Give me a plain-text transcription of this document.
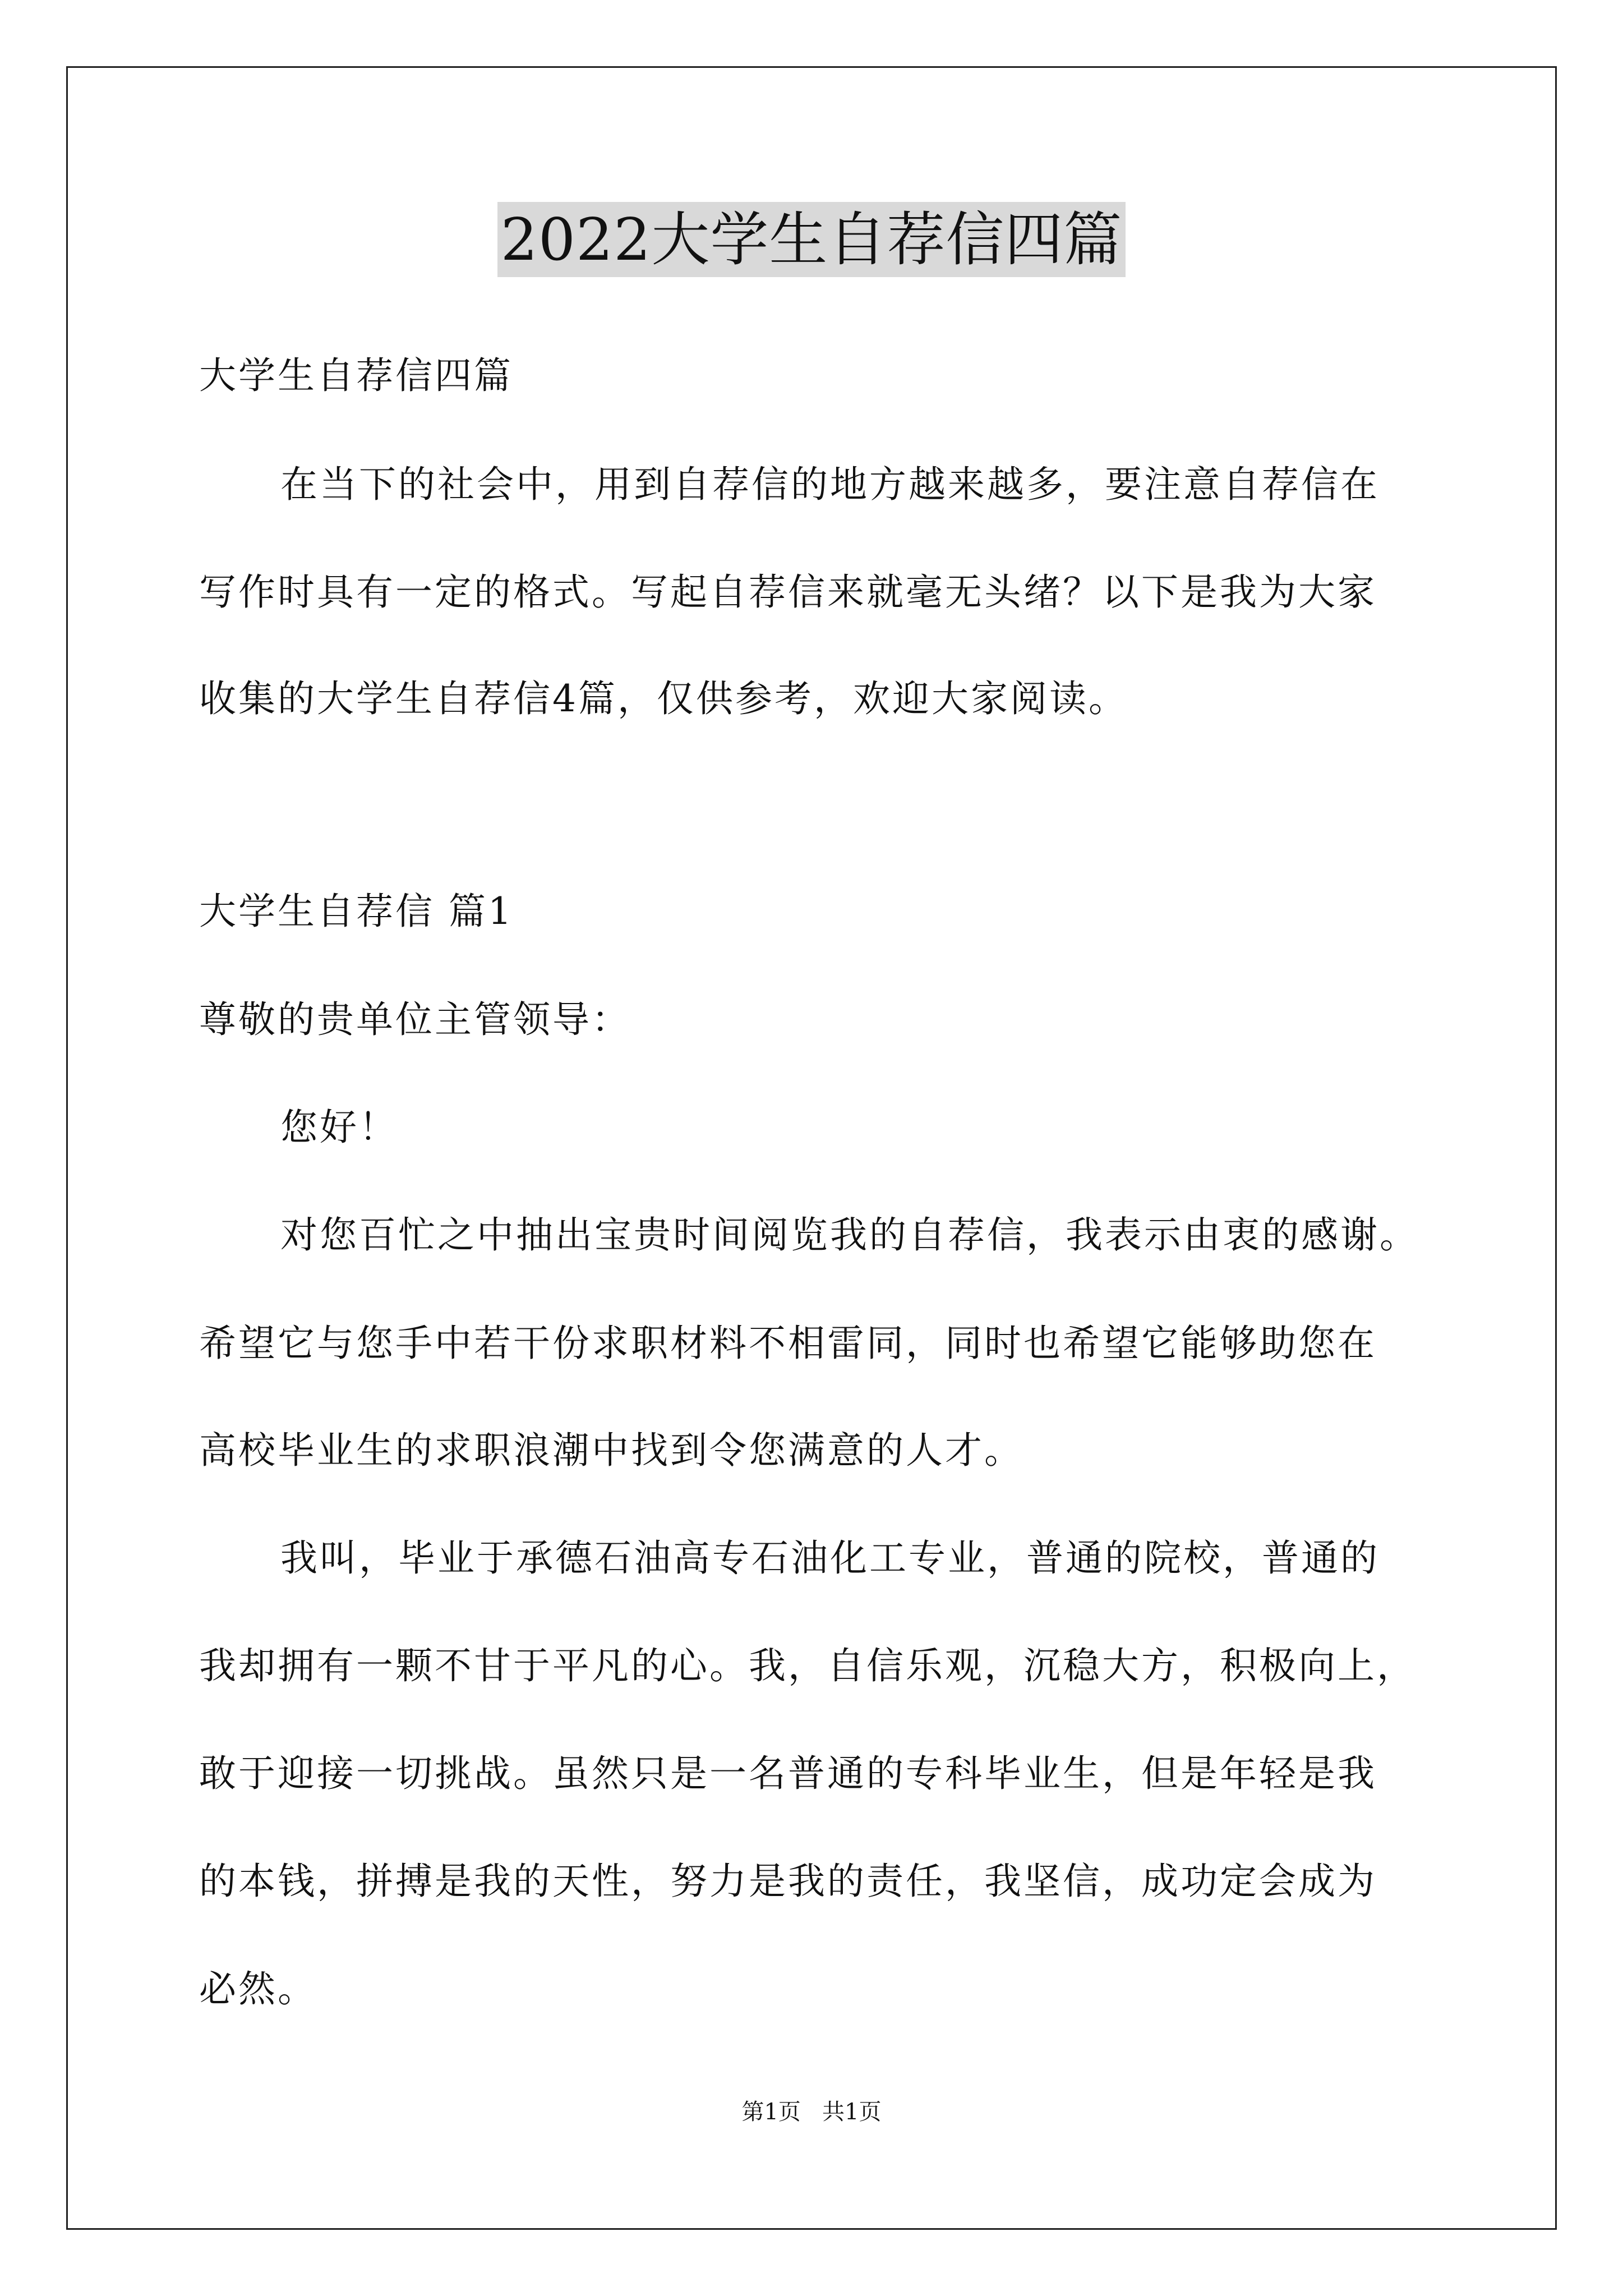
2022大学生自荐信四篇
大学生自荐信四篇
在当下的社会中，用到自荐信的地方越来越多，要注意自荐信在
写作时具有一定的格式。写起自荐信来就毫无头绪？以下是我为大家
收集的大学生自荐信4篇，仅供参考，欢迎大家阅读。
大学生自荐信 篇1
尊敬的贵单位主管领导：
您好！
对您百忙之中抽出宝贵时间阅览我的自荐信，我表示由衷的感谢。
希望它与您手中若干份求职材料不相雷同，同时也希望它能够助您在
高校毕业生的求职浪潮中找到令您满意的人才。
我叫，毕业于承德石油高专石油化工专业，普通的院校，普通的
我却拥有一颗不甘于平凡的心。我，自信乐观，沉稳大方，积极向上，
敢于迎接一切挑战。虽然只是一名普通的专科毕业生，但是年轻是我
的本钱，拼搏是我的天性，努力是我的责任，我坚信，成功定会成为
必然。
第1页   共1页
